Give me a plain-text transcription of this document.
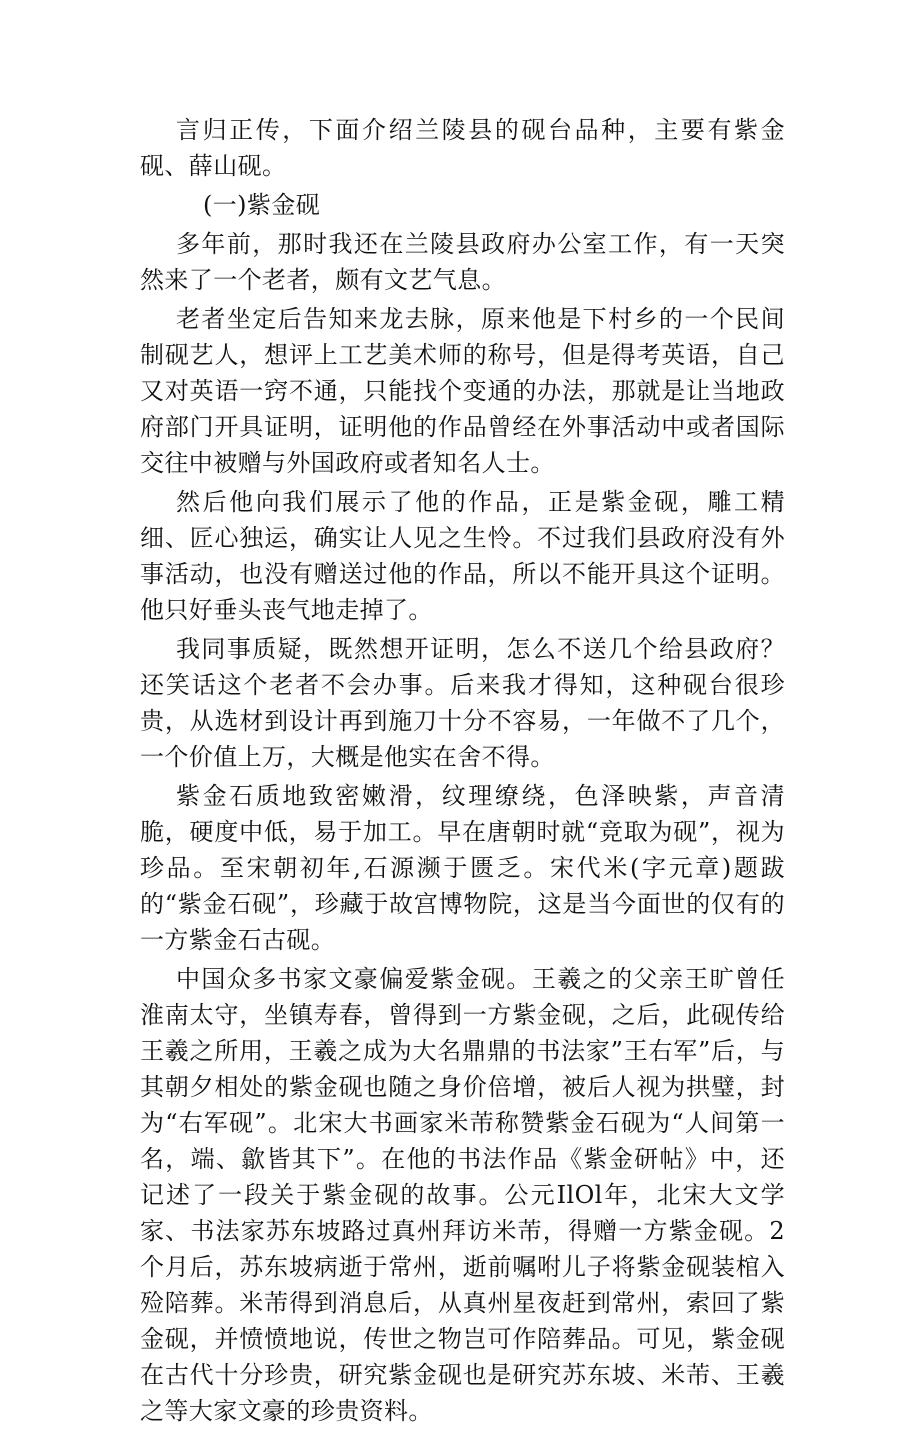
言归正传，下面介绍兰陵县的砚台品种，主要有紫金砚、薛山砚。

(一)紫金砚

多年前，那时我还在兰陵县政府办公室工作，有一天突然来了一个老者，颇有文艺气息。

老者坐定后告知来龙去脉，原来他是下村乡的一个民间制砚艺人，想评上工艺美术师的称号，但是得考英语，自己又对英语一窍不通，只能找个变通的办法，那就是让当地政府部门开具证明，证明他的作品曾经在外事活动中或者国际交往中被赠与外国政府或者知名人士。

然后他向我们展示了他的作品，正是紫金砚，雕工精细、匠心独运，确实让人见之生怜。不过我们县政府没有外事活动，也没有赠送过他的作品，所以不能开具这个证明。他只好垂头丧气地走掉了。

我同事质疑，既然想开证明，怎么不送几个给县政府？还笑话这个老者不会办事。后来我才得知，这种砚台很珍贵，从选材到设计再到施刀十分不容易，一年做不了几个，一个价值上万，大概是他实在舍不得。

紫金石质地致密嫩滑，纹理缭绕，色泽映紫，声音清脆，硬度中低，易于加工。早在唐朝时就“竞取为砚”，视为珍品。至宋朝初年,石源濒于匮乏。宋代米(字元章)题跋的“紫金石砚”，珍藏于故宫博物院，这是当今面世的仅有的一方紫金石古砚。

中国众多书家文豪偏爱紫金砚。王羲之的父亲王旷曾任淮南太守，坐镇寿春，曾得到一方紫金砚，之后，此砚传给王羲之所用，王羲之成为大名鼎鼎的书法家”王右军”后，与其朝夕相处的紫金砚也随之身价倍增，被后人视为拱璧，封为“右军砚”。北宋大书画家米芾称赞紫金石砚为“人间第一名，端、歙皆其下”。在他的书法作品《紫金研帖》中，还记述了一段关于紫金砚的故事。公元IlOl年，北宋大文学家、书法家苏东坡路过真州拜访米芾，得赠一方紫金砚。2个月后，苏东坡病逝于常州，逝前嘱咐儿子将紫金砚装棺入殓陪葬。米芾得到消息后，从真州星夜赶到常州，索回了紫金砚，并愤愤地说，传世之物岂可作陪葬品。可见，紫金砚在古代十分珍贵，研究紫金砚也是研究苏东坡、米芾、王羲之等大家文豪的珍贵资料。
